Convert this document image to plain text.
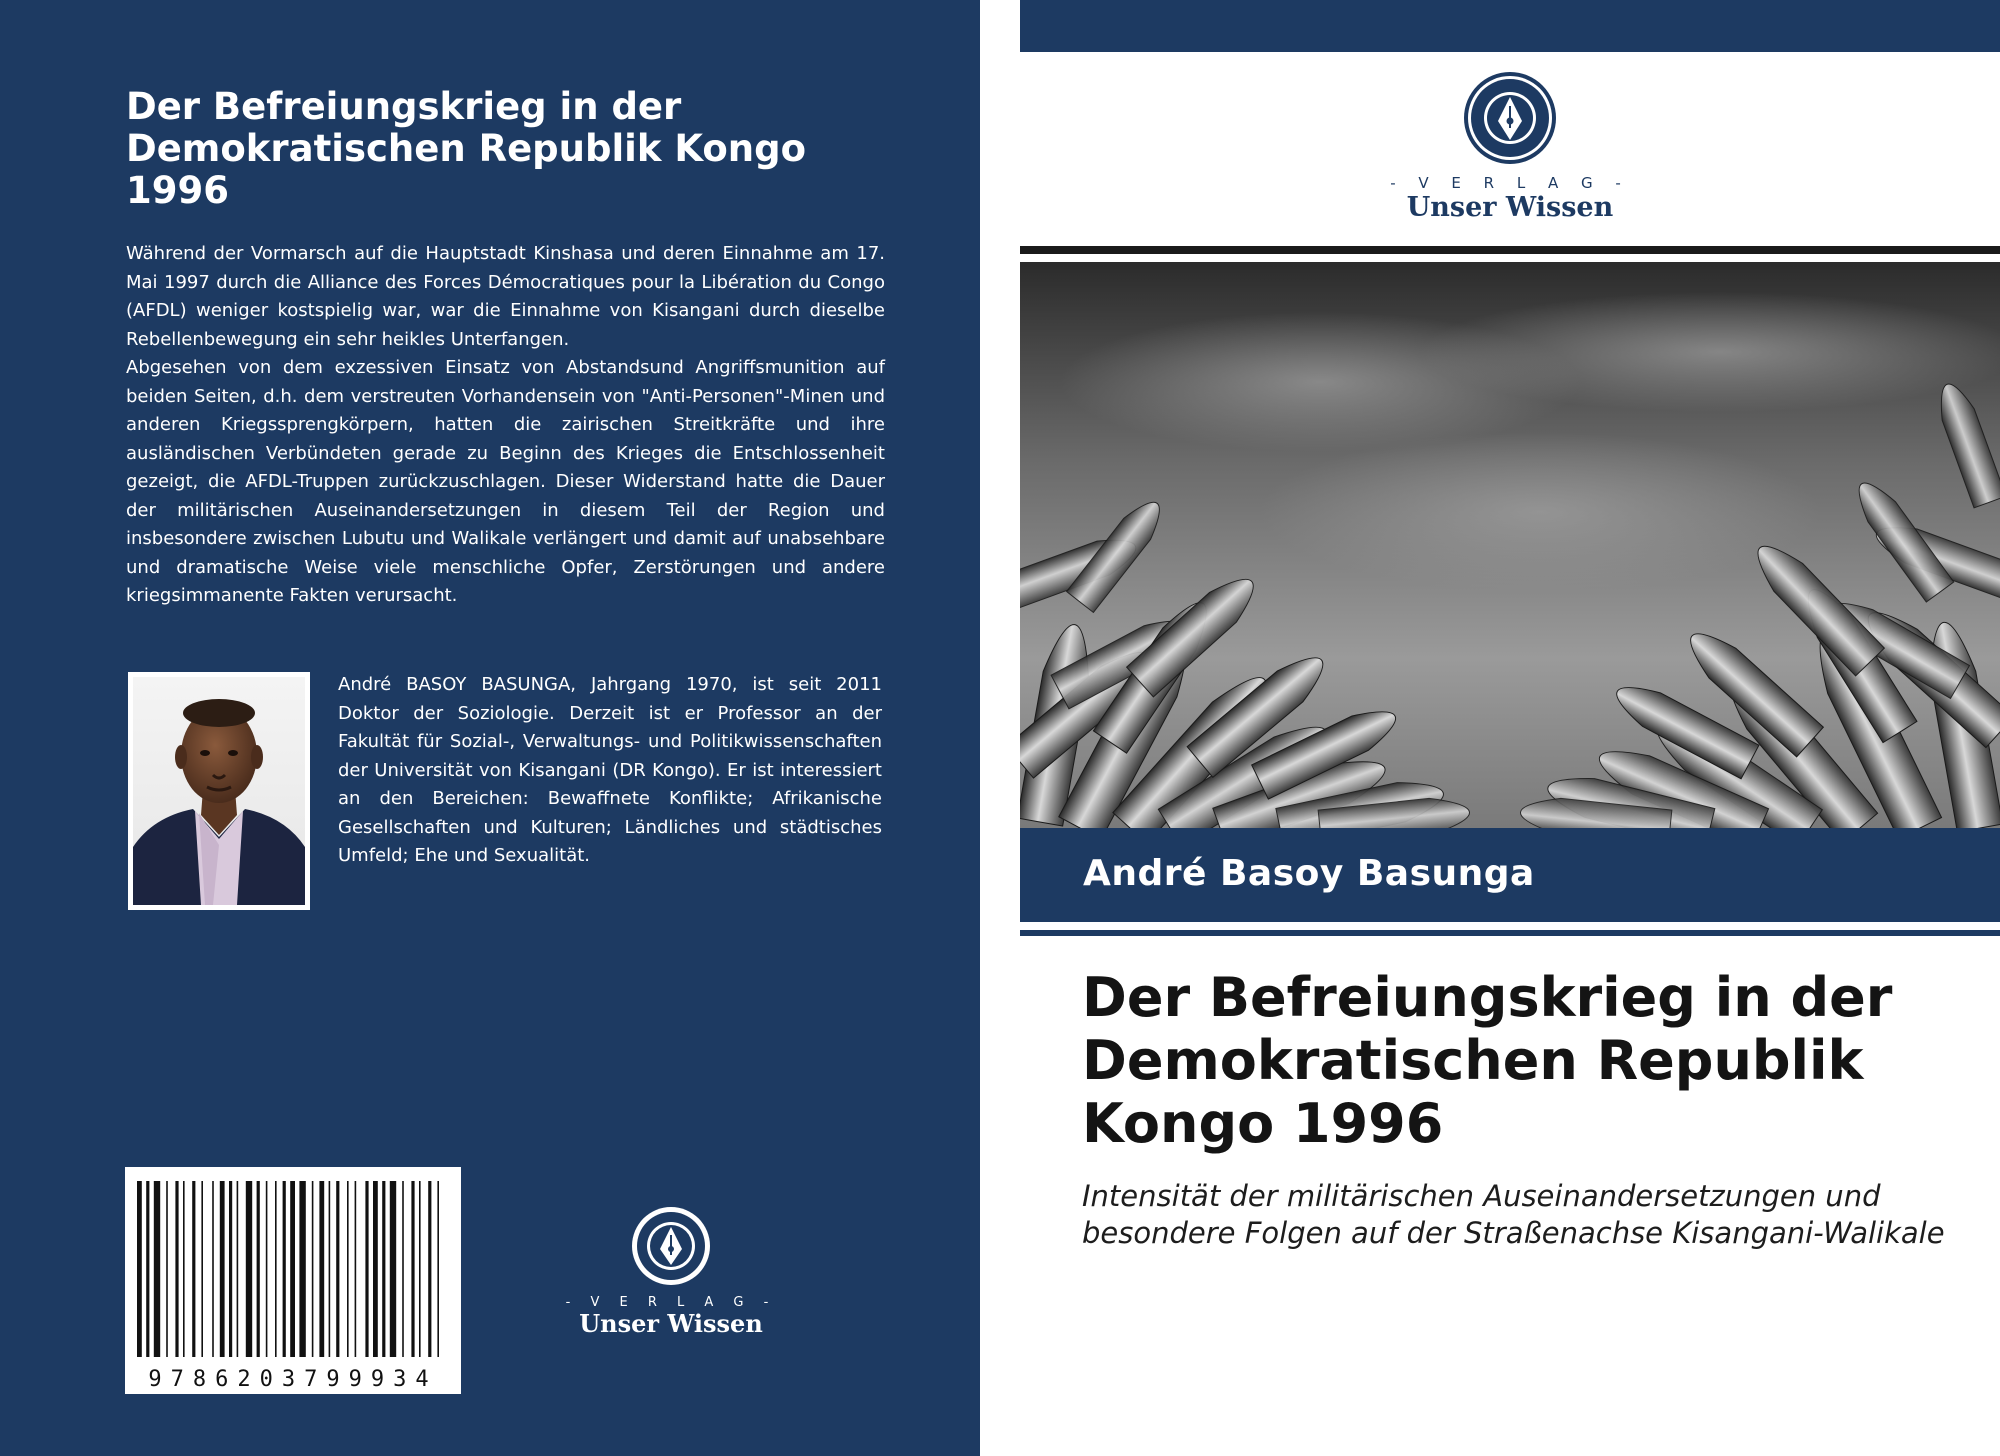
Der Befreiungskrieg in der Demokratischen Republik Kongo 1996

Während der Vormarsch auf die Hauptstadt Kinshasa und deren Einnahme am 17. Mai 1997 durch die Alliance des Forces Démocratiques pour la Libération du Congo (AFDL) weniger kostspielig war, war die Einnahme von Kisangani durch dieselbe Rebellenbewegung ein sehr heikles Unterfangen.

Abgesehen von dem exzessiven Einsatz von Abstandsund Angriffsmunition auf beiden Seiten, d.h. dem verstreuten Vorhandensein von "Anti-Personen"-Minen und anderen Kriegssprengkörpern, hatten die zairischen Streitkräfte und ihre ausländischen Verbündeten gerade zu Beginn des Krieges die Entschlossenheit gezeigt, die AFDL-Truppen zurückzuschlagen. Dieser Widerstand hatte die Dauer der militärischen Auseinandersetzungen in diesem Teil der Region und insbesondere zwischen Lubutu und Walikale verlängert und damit auf unabsehbare und dramatische Weise viele menschliche Opfer, Zerstörungen und andere kriegsimmanente Fakten verursacht.

André BASOY BASUNGA, Jahrgang 1970, ist seit 2011 Doktor der Soziologie. Derzeit ist er Professor an der Fakultät für Sozial-, Verwaltungs- und Politikwissenschaften der Universität von Kisangani (DR Kongo). Er ist interessiert an den Bereichen: Bewaffnete Konflikte; Afrikanische Gesellschaften und Kulturen; Ländliches und städtisches Umfeld; Ehe und Sexualität.

9786203799934
- V E R L A G -
Unser Wissen
- V E R L A G -
Unser Wissen
André Basoy Basunga
Der Befreiungskrieg in der Demokratischen Republik Kongo 1996

Intensität der militärischen Auseinandersetzungen und besondere Folgen auf der Straßenachse Kisangani-Walikale
